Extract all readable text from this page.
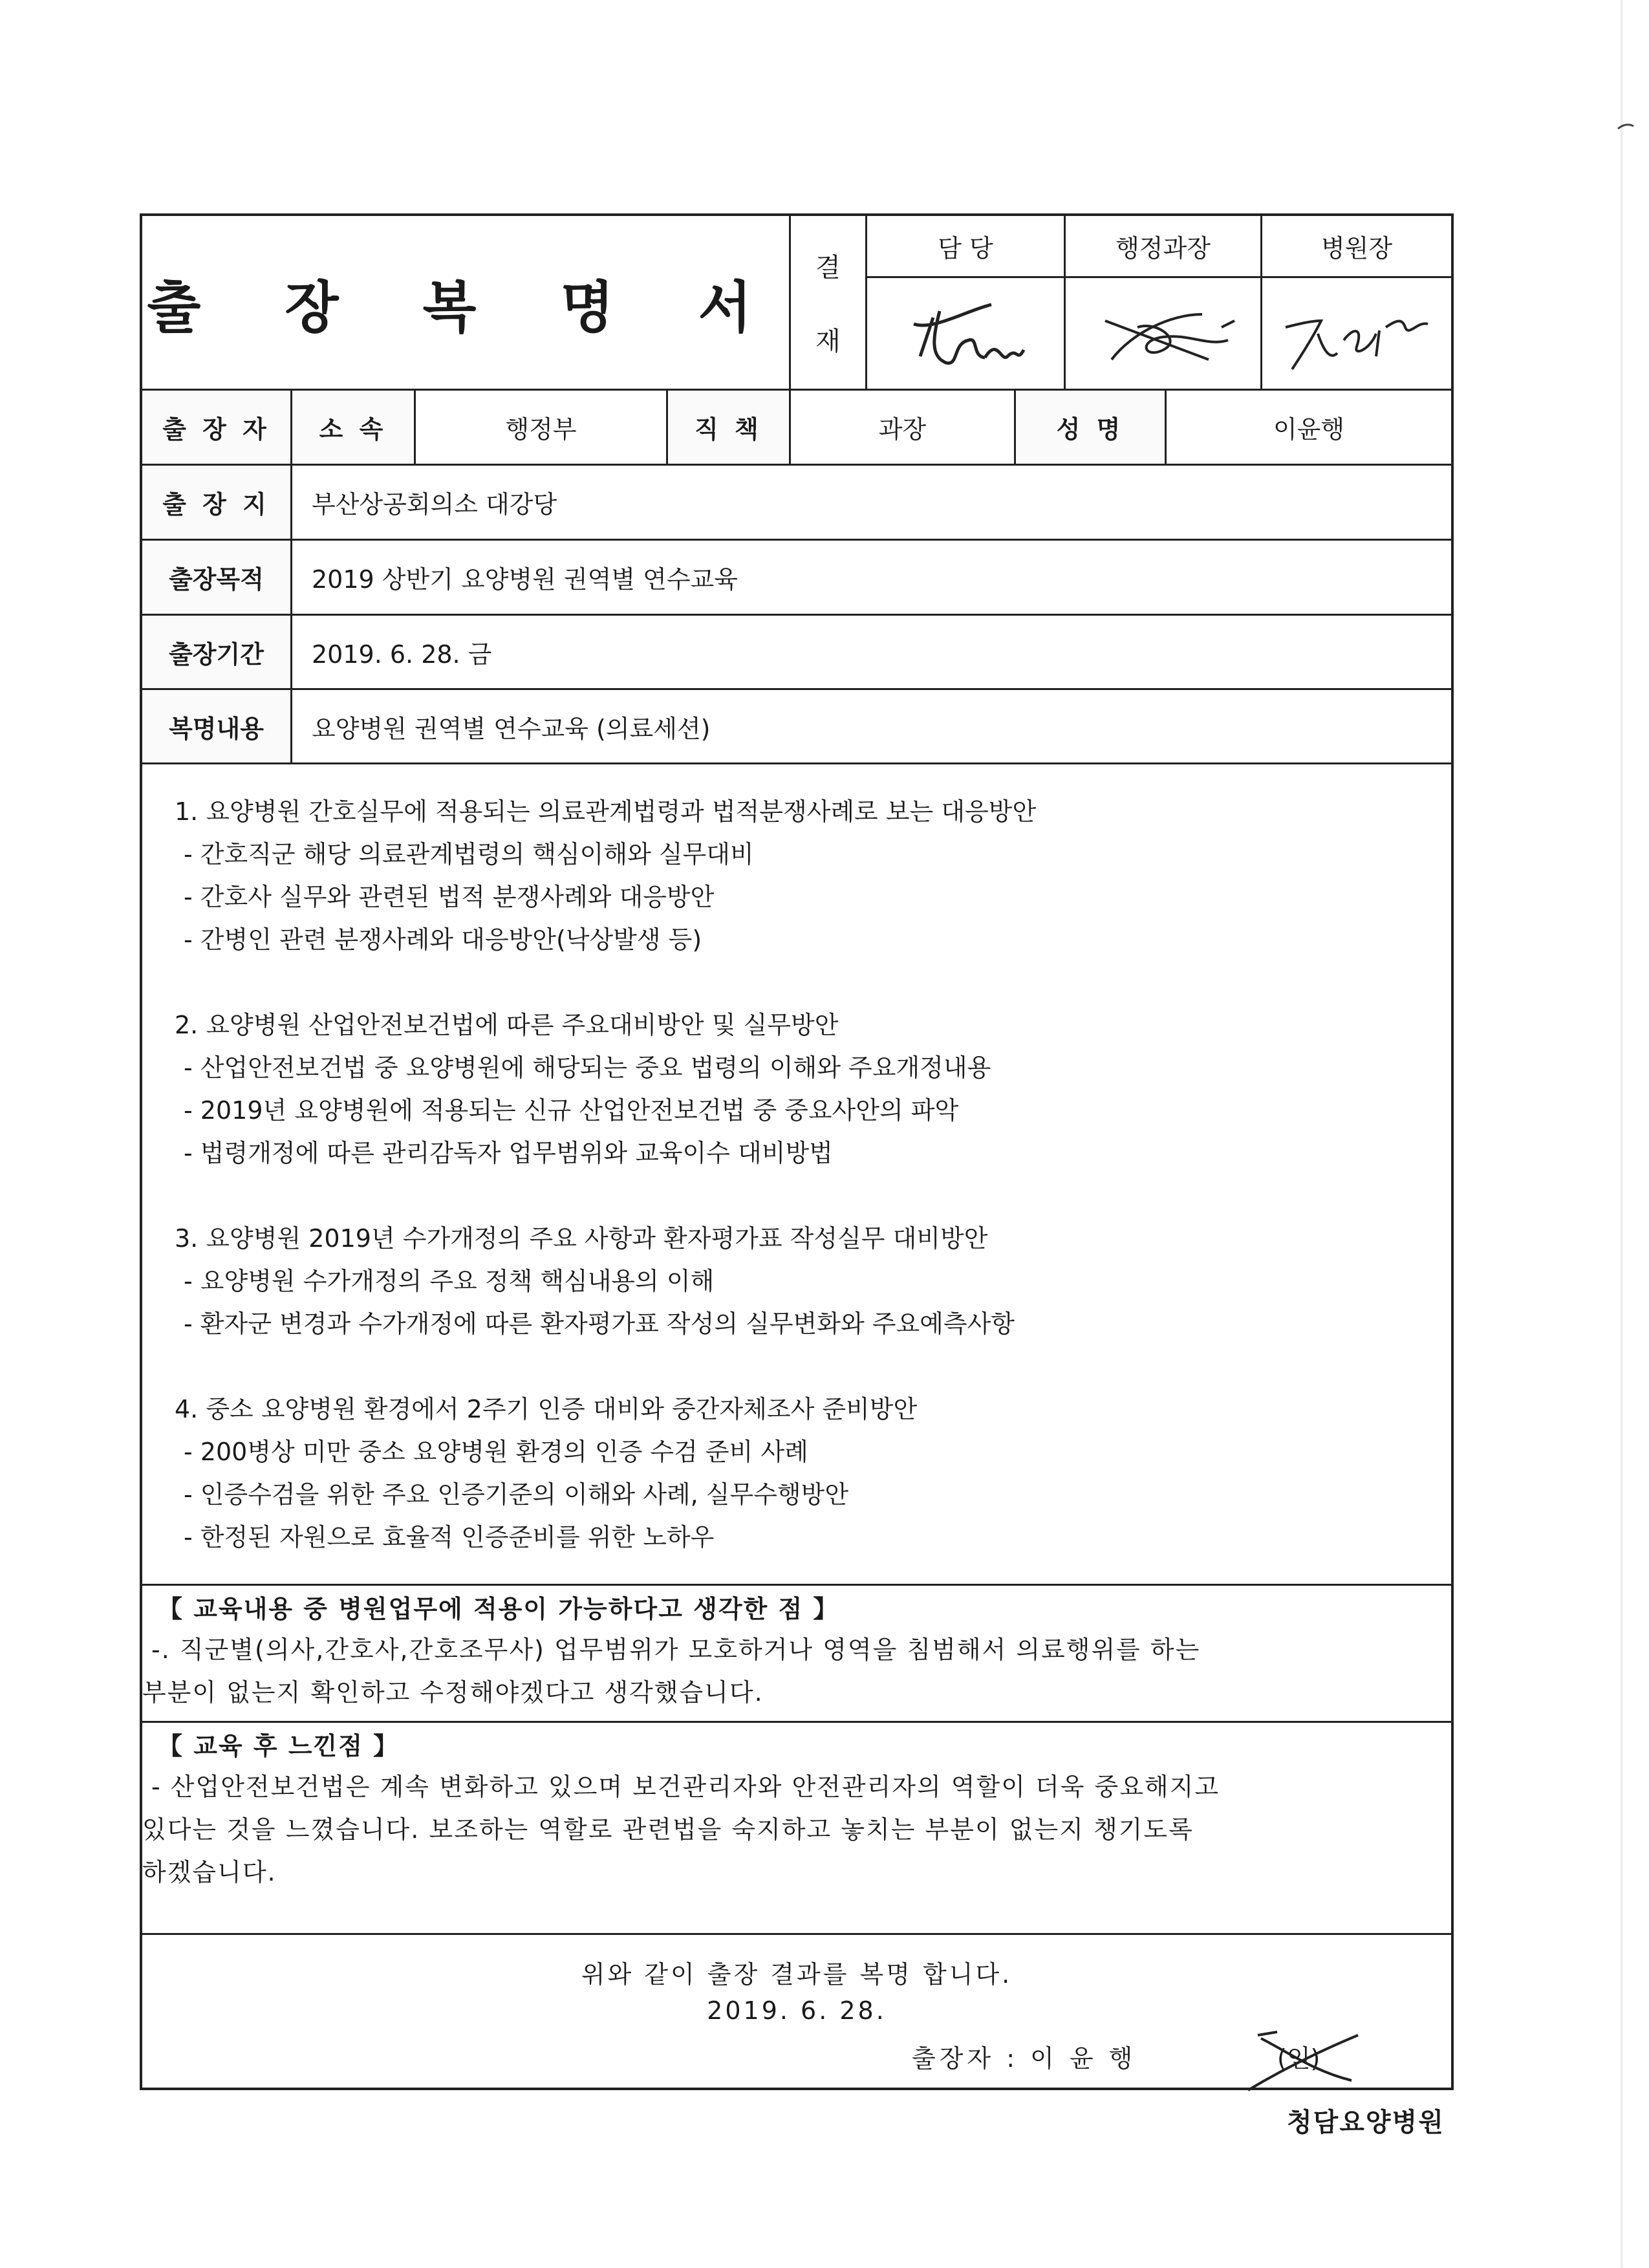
출 장 복 명 서
결
재
담 당	행정과장	병원장
출 장 자	소 속	행정부	직 책	과장	성 명	이윤행
출 장 지	부산상공회의소 대강당
출장목적	2019 상반기 요양병원 권역별 연수교육
출장기간	2019. 6. 28. 금
복명내용	요양병원 권역별 연수교육 (의료세션)
1. 요양병원 간호실무에 적용되는 의료관계법령과 법적분쟁사례로 보는 대응방안
- 간호직군 해당 의료관계법령의 핵심이해와 실무대비
- 간호사 실무와 관련된 법적 분쟁사례와 대응방안
- 간병인 관련 분쟁사례와 대응방안(낙상발생 등)
2. 요양병원 산업안전보건법에 따른 주요대비방안 및 실무방안
- 산업안전보건법 중 요양병원에 해당되는 중요 법령의 이해와 주요개정내용
- 2019년 요양병원에 적용되는 신규 산업안전보건법 중 중요사안의 파악
- 법령개정에 따른 관리감독자 업무범위와 교육이수 대비방법
3. 요양병원 2019년 수가개정의 주요 사항과 환자평가표 작성실무 대비방안
- 요양병원 수가개정의 주요 정책 핵심내용의 이해
- 환자군 변경과 수가개정에 따른 환자평가표 작성의 실무변화와 주요예측사항
4. 중소 요양병원 환경에서 2주기 인증 대비와 중간자체조사 준비방안
- 200병상 미만 중소 요양병원 환경의 인증 수검 준비 사례
- 인증수검을 위한 주요 인증기준의 이해와 사례, 실무수행방안
- 한정된 자원으로 효율적 인증준비를 위한 노하우
【 교육내용 중 병원업무에 적용이 가능하다고 생각한 점 】
-. 직군별(의사,간호사,간호조무사) 업무범위가 모호하거나 영역을 침범해서 의료행위를 하는
부분이 없는지 확인하고 수정해야겠다고 생각했습니다.
【 교육 후 느낀점 】
- 산업안전보건법은 계속 변화하고 있으며 보건관리자와 안전관리자의 역할이 더욱 중요해지고
있다는 것을 느꼈습니다. 보조하는 역할로 관련법을 숙지하고 놓치는 부분이 없는지 챙기도록
하겠습니다.
위와 같이 출장 결과를 복명 합니다.
2019. 6. 28.
출장자 : 이 윤 행	(인)
청담요양병원
